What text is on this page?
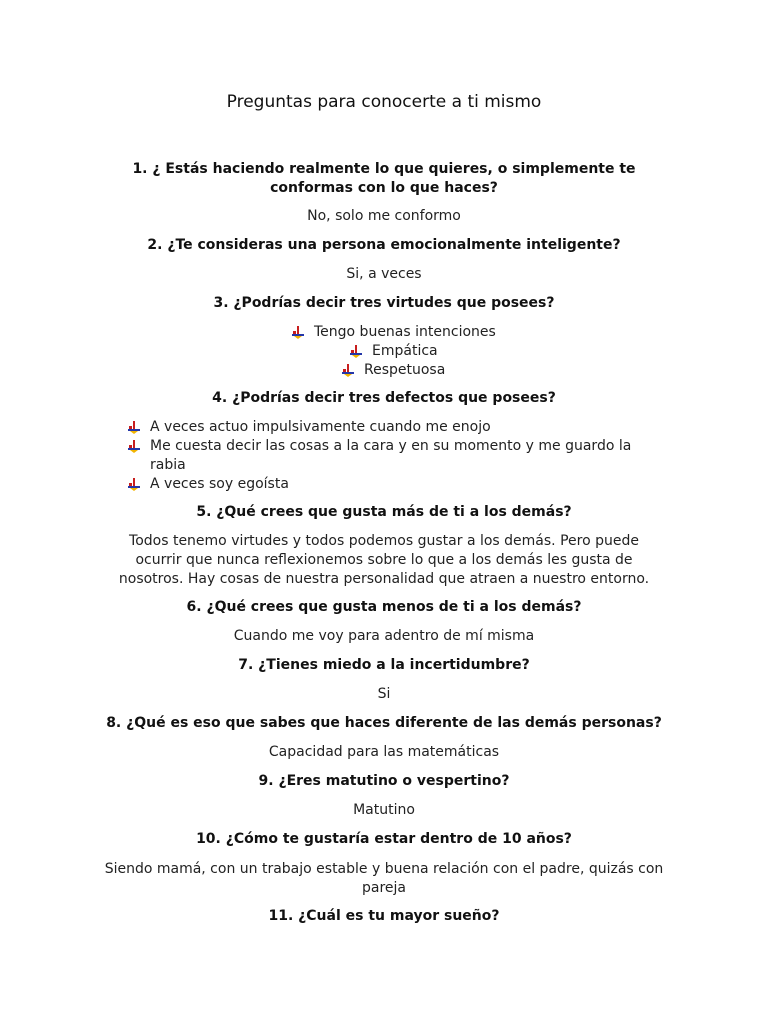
Preguntas para conocerte a ti mismo
1. ¿ Estás haciendo realmente lo que quieres, o simplemente te conformas con lo que haces?
No, solo me conformo
2. ¿Te consideras una persona emocionalmente inteligente?
Si, a veces
3. ¿Podrías decir tres virtudes que posees?
Tengo buenas intenciones
Empática
Respetuosa
4. ¿Podrías decir tres defectos que posees?
A veces actuo impulsivamente cuando me enojo
Me cuesta decir las cosas a la cara y en su momento y me guardo la rabia
A veces soy egoísta
5. ¿Qué crees que gusta más de ti a los demás?
Todos tenemo virtudes y todos podemos gustar a los demás. Pero puede ocurrir que nunca reflexionemos sobre lo que a los demás les gusta de nosotros. Hay cosas de nuestra personalidad que atraen a nuestro entorno.
6. ¿Qué crees que gusta menos de ti a los demás?
Cuando me voy para adentro de mí misma
7. ¿Tienes miedo a la incertidumbre?
Si
8. ¿Qué es eso que sabes que haces diferente de las demás personas?
Capacidad para las matemáticas
9. ¿Eres matutino o vespertino?
Matutino
10. ¿Cómo te gustaría estar dentro de 10 años?
Siendo mamá, con un trabajo estable y buena relación con el padre, quizás con pareja
11. ¿Cuál es tu mayor sueño?
